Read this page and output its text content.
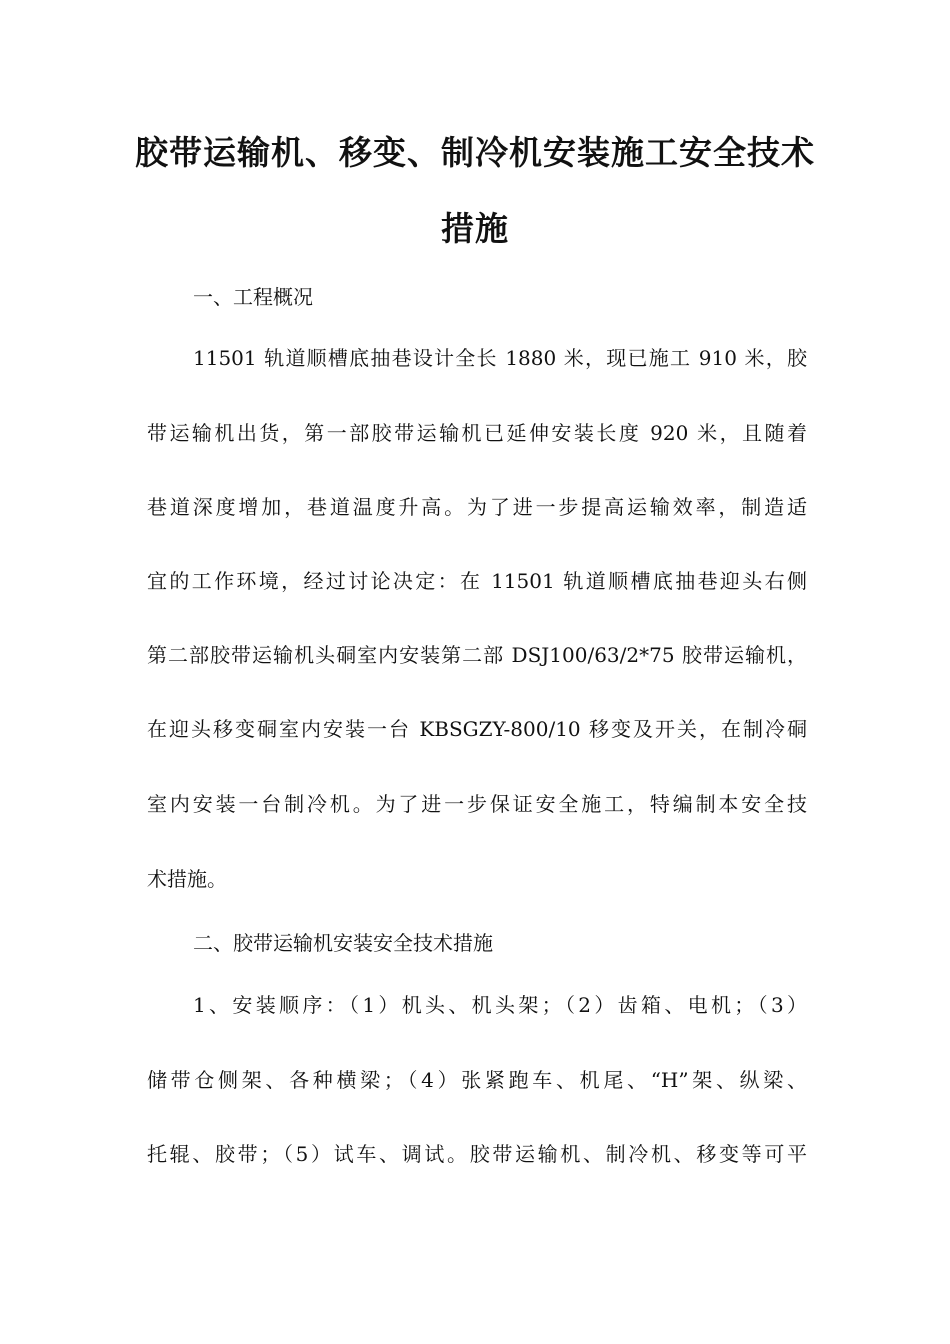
胶带运输机、移变、制冷机安装施工安全技术
措施
一、工程概况
11501 轨道顺槽底抽巷设计全长 1880 米，现已施工 910 米，胶
带运输机出货，第一部胶带运输机已延伸安装长度 920 米，且随着
巷道深度增加，巷道温度升高。为了进一步提高运输效率，制造适
宜的工作环境，经过讨论决定：在 11501 轨道顺槽底抽巷迎头右侧
第二部胶带运输机头硐室内安装第二部 DSJ100/63/2*75 胶带运输机，
在迎头移变硐室内安装一台 KBSGZY-800/10 移变及开关，在制冷硐
室内安装一台制冷机。为了进一步保证安全施工，特编制本安全技
术措施。
二、胶带运输机安装安全技术措施
1、安装顺序：（1）机头、机头架；（2）齿箱、电机；（3）
储带仓侧架、各种横梁；（4）张紧跑车、机尾、“H”架、纵梁、
托辊、胶带；（5）试车、调试。胶带运输机、制冷机、移变等可平
